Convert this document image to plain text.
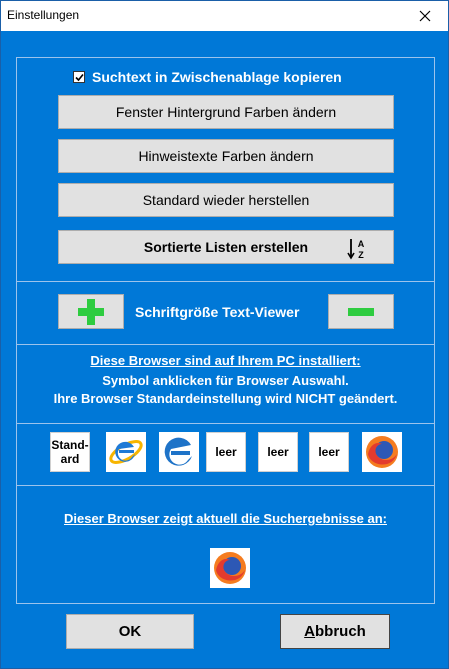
Einstellungen
Suchtext in Zwischenablage kopieren
Fenster Hintergrund Farben ändern
Hinweistexte Farben ändern
Standard wieder herstellen
Sortierte Listen erstellen	A
Z
Schriftgröße Text-Viewer
Diese Browser sind auf Ihrem PC installiert:
Symbol anklicken für Browser Auswahl.
Ihre Browser Standardeinstellung wird NICHT geändert.
Stand-
ard	leer	leer leer
Dieser Browser zeigt aktuell die Suchergebnisse an:
OK	Abbruch
